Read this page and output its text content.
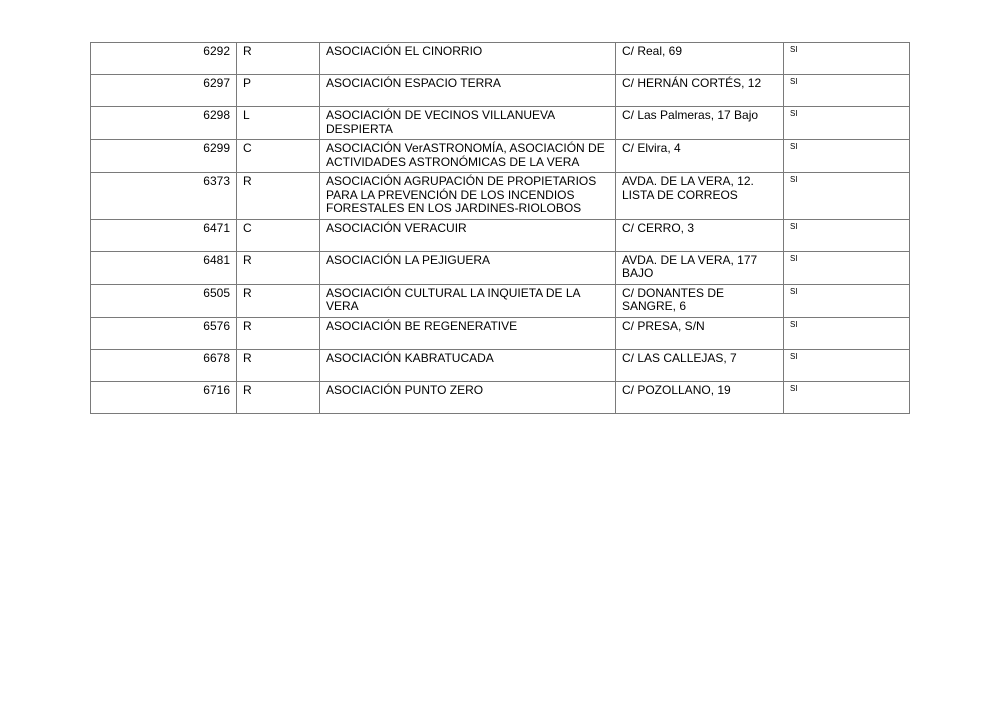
6292	R	ASOCIACIÓN EL CINORRIO	C/ Real, 69	SI
6297	P	ASOCIACIÓN ESPACIO TERRA	C/ HERNÁN CORTÉS, 12	SI
6298	L	ASOCIACIÓN DE VECINOS VILLANUEVA DESPIERTA	C/ Las Palmeras, 17 Bajo	SI
6299	C	ASOCIACIÓN VerASTRONOMÍA, ASOCIACIÓN DE ACTIVIDADES ASTRONÓMICAS DE LA VERA	C/ Elvira, 4	SI
6373	R	ASOCIACIÓN AGRUPACIÓN DE PROPIETARIOS PARA LA PREVENCIÓN DE LOS INCENDIOS FORESTALES EN LOS JARDINES-RIOLOBOS	AVDA. DE LA VERA, 12. LISTA DE CORREOS	SI
6471	C	ASOCIACIÓN VERACUIR	C/ CERRO, 3	SI
6481	R	ASOCIACIÓN LA PEJIGUERA	AVDA. DE LA VERA, 177 BAJO	SI
6505	R	ASOCIACIÓN CULTURAL LA INQUIETA DE LA VERA	C/ DONANTES DE SANGRE, 6	SI
6576	R	ASOCIACIÓN BE REGENERATIVE	C/ PRESA, S/N	SI
6678	R	ASOCIACIÓN KABRATUCADA	C/ LAS CALLEJAS, 7	SI
6716	R	ASOCIACIÓN PUNTO ZERO	C/ POZOLLANO, 19	SI
